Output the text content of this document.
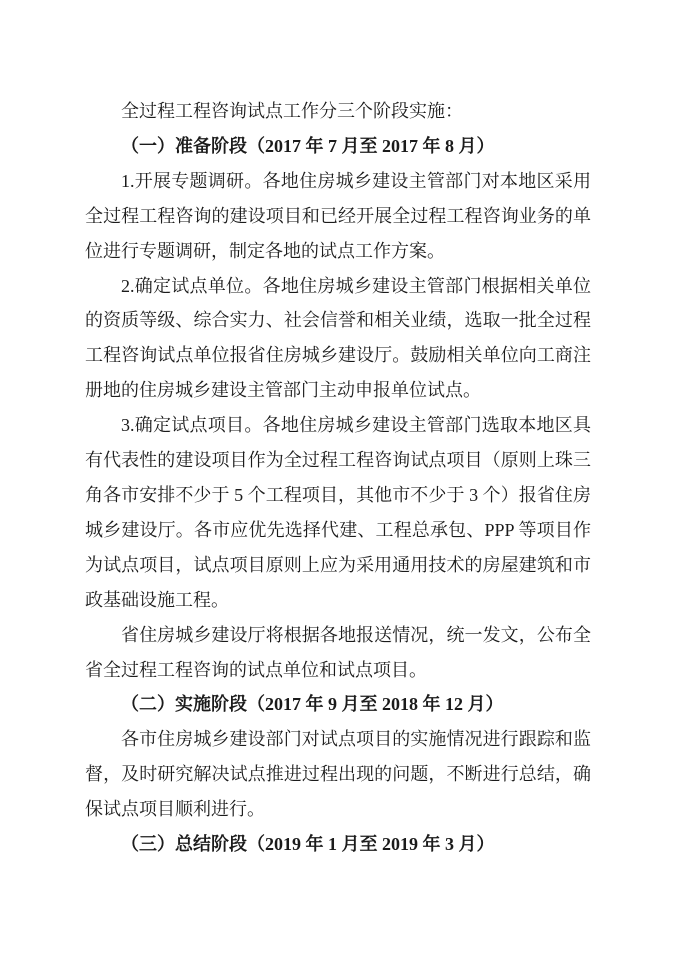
全过程工程咨询试点工作分三个阶段实施：

（一）准备阶段（2017 年 7 月至 2017 年 8 月）

1.开展专题调研。各地住房城乡建设主管部门对本地区采用全过程工程咨询的建设项目和已经开展全过程工程咨询业务的单位进行专题调研，制定各地的试点工作方案。

2.确定试点单位。各地住房城乡建设主管部门根据相关单位的资质等级、综合实力、社会信誉和相关业绩，选取一批全过程工程咨询试点单位报省住房城乡建设厅。鼓励相关单位向工商注册地的住房城乡建设主管部门主动申报单位试点。

3.确定试点项目。各地住房城乡建设主管部门选取本地区具有代表性的建设项目作为全过程工程咨询试点项目（原则上珠三角各市安排不少于 5 个工程项目，其他市不少于 3 个）报省住房城乡建设厅。各市应优先选择代建、工程总承包、PPP 等项目作为试点项目，试点项目原则上应为采用通用技术的房屋建筑和市政基础设施工程。

省住房城乡建设厅将根据各地报送情况，统一发文，公布全省全过程工程咨询的试点单位和试点项目。

（二）实施阶段（2017 年 9 月至 2018 年 12 月）

各市住房城乡建设部门对试点项目的实施情况进行跟踪和监督，及时研究解决试点推进过程出现的问题，不断进行总结，确保试点项目顺利进行。

（三）总结阶段（2019 年 1 月至 2019 年 3 月）
